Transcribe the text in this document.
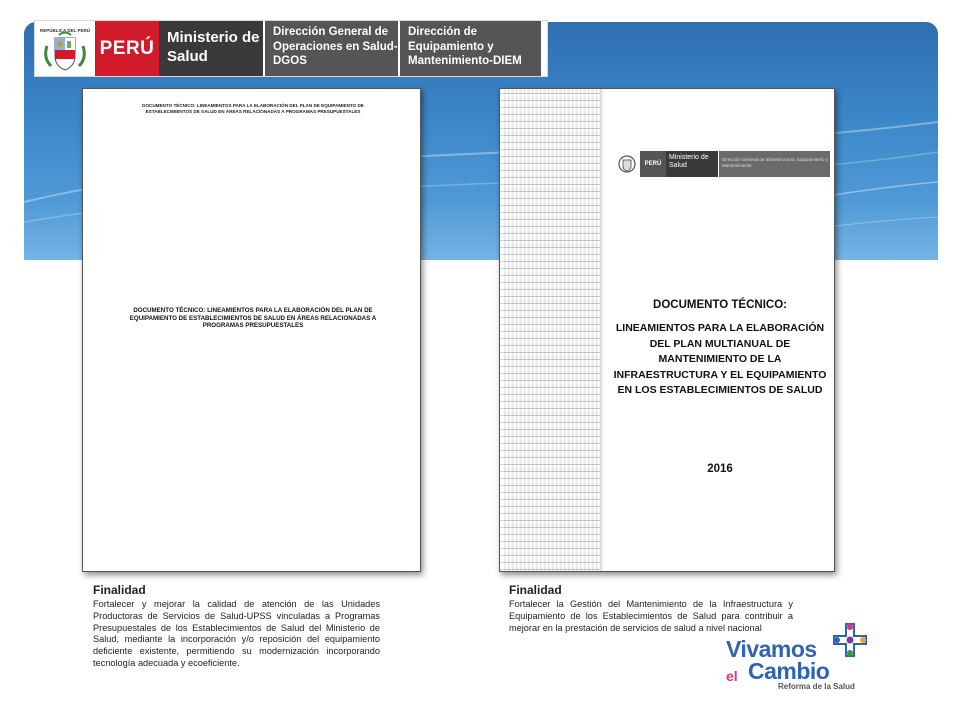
REPÚBLICA DEL PERÚ
PERÚ Ministerio de Salud
Dirección General de Operaciones en Salud-DGOS
Dirección de Equipamiento y Mantenimiento-DIEM
DOCUMENTO TÉCNICO: LINEAMIENTOS PARA LA ELABORACIÓN DEL PLAN DE EQUIPAMIENTO DE ESTABLECIMIENTOS DE SALUD EN ÁREAS RELACIONADAS A PROGRAMAS PRESUPUESTALES
DOCUMENTO TÉCNICO: LINEAMIENTOS PARA LA ELABORACIÓN DEL PLAN DE EQUIPAMIENTO DE ESTABLECIMIENTOS DE SALUD EN ÁREAS RELACIONADAS A PROGRAMAS PRESUPUESTALES
PERÚ
Ministerio de Salud
Dirección General de Infraestructura, Equipamiento y Mantenimiento
DOCUMENTO TÉCNICO:
LINEAMIENTOS PARA LA ELABORACIÓN DEL PLAN MULTIANUAL DE MANTENIMIENTO DE LA INFRAESTRUCTURA Y EL EQUIPAMIENTO EN LOS ESTABLECIMIENTOS DE SALUD
2016
Finalidad

Fortalecer y mejorar la calidad de atención de las Unidades Productoras de Servicios de Salud-UPSS vinculadas a Programas Presupuestales de los Establecimientos de Salud del Ministerio de Salud, mediante la incorporación y/o reposición del equipamiento deficiente existente, permitiendo su modernización incorporando tecnología adecuada y ecoeficiente.

Finalidad

Fortalecer la Gestión del Mantenimiento de la Infraestructura y Equipamiento de los Establecimientos de Salud para contribuir a mejorar en la prestación de servicios de salud a nivel nacional

Vivamos
el Cambio
Reforma de la Salud
